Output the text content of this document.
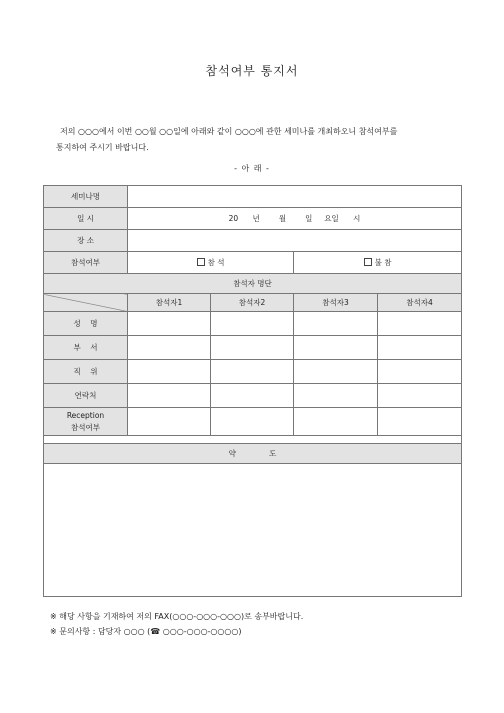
참석여부 통지서
저의 ○○○에서 이번 ○○월 ○○일에 아래와 같이 ○○○에 관한 세미나를 개최하오니 참석여부를
통지하여 주시기 바랍니다.
- 아 래 -
세미나명				
일 시	20      년        월        일     요일      시			
장 소				
참석여부	참 석		불 참	
참석자 명단				
	참석자1	참석자2	참석자3	참석자4
성    명				
부    서				
직    위				
연락처				
Reception
참석여부				

약              도				

※ 해당 사항을 기재하여 저의 FAX(○○○-○○○-○○○)로 송부바랍니다.
※ 문의사항 : 담당자 ○○○ (☎ ○○○-○○○-○○○○)
